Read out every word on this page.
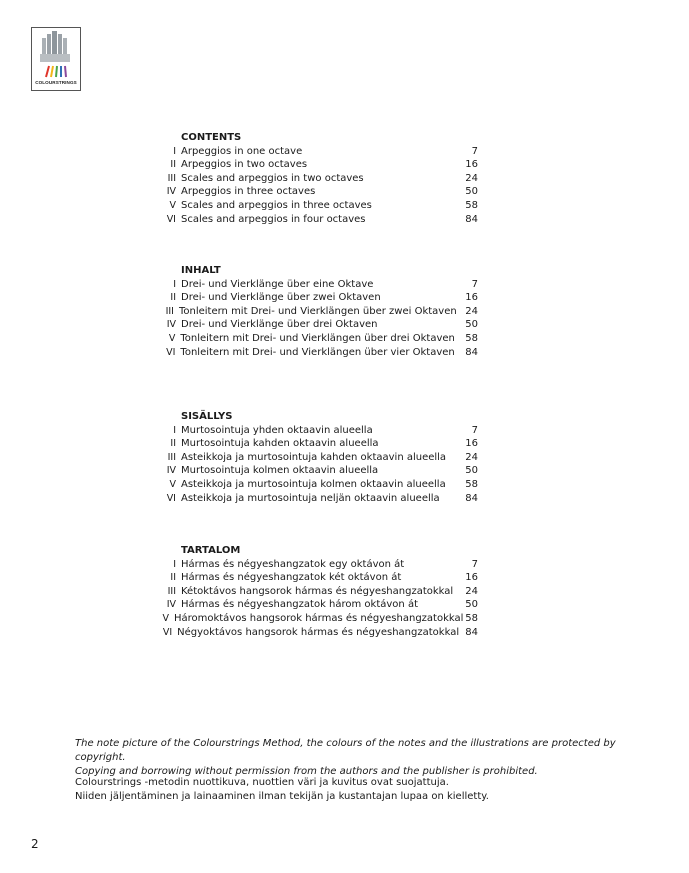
COLOURSTRINGS
CONTENTS
I Arpeggios in one octave	7
II Arpeggios in two octaves	16
III Scales and arpeggios in two octaves	24
IV Arpeggios in three octaves	50
V Scales and arpeggios in three octaves	58
VI Scales and arpeggios in four octaves	84
INHALT
I Drei- und Vierklänge über eine Oktave	7
II Drei- und Vierklänge über zwei Oktaven	16
III Tonleitern mit Drei- und Vierklängen über zwei Oktaven 24
IV Drei- und Vierklänge über drei Oktaven	50
V Tonleitern mit Drei- und Vierklängen über drei Oktaven	58
VI Tonleitern mit Drei- und Vierklängen über vier Oktaven	84
SISÄLLYS
I Murtosointuja yhden oktaavin alueella	7
II Murtosointuja kahden oktaavin alueella	16
III Asteikkoja ja murtosointuja kahden oktaavin alueella	24
IV Murtosointuja kolmen oktaavin alueella	50
V Asteikkoja ja murtosointuja kolmen oktaavin alueella	58
VI Asteikkoja ja murtosointuja neljän oktaavin alueella	84
TARTALOM
I Hármas és négyeshangzatok egy oktávon át	7
II Hármas és négyeshangzatok két oktávon át	16
III Kétoktávos hangsorok hármas és négyeshangzatokkal	24
IV Hármas és négyeshangzatok három oktávon át	50
V Háromoktávos hangsorok hármas és négyeshangzatokkal 58
VI Négyoktávos hangsorok hármas és négyeshangzatokkal 84
The note picture of the Colourstrings Method, the colours of the notes and the illustrations are protected by copyright.
Copying and borrowing without permission from the authors and the publisher is prohibited.
Colourstrings -metodin nuottikuva, nuottien väri ja kuvitus ovat suojattuja.
Niiden jäljentäminen ja lainaaminen ilman tekijän ja kustantajan lupaa on kielletty.
2
